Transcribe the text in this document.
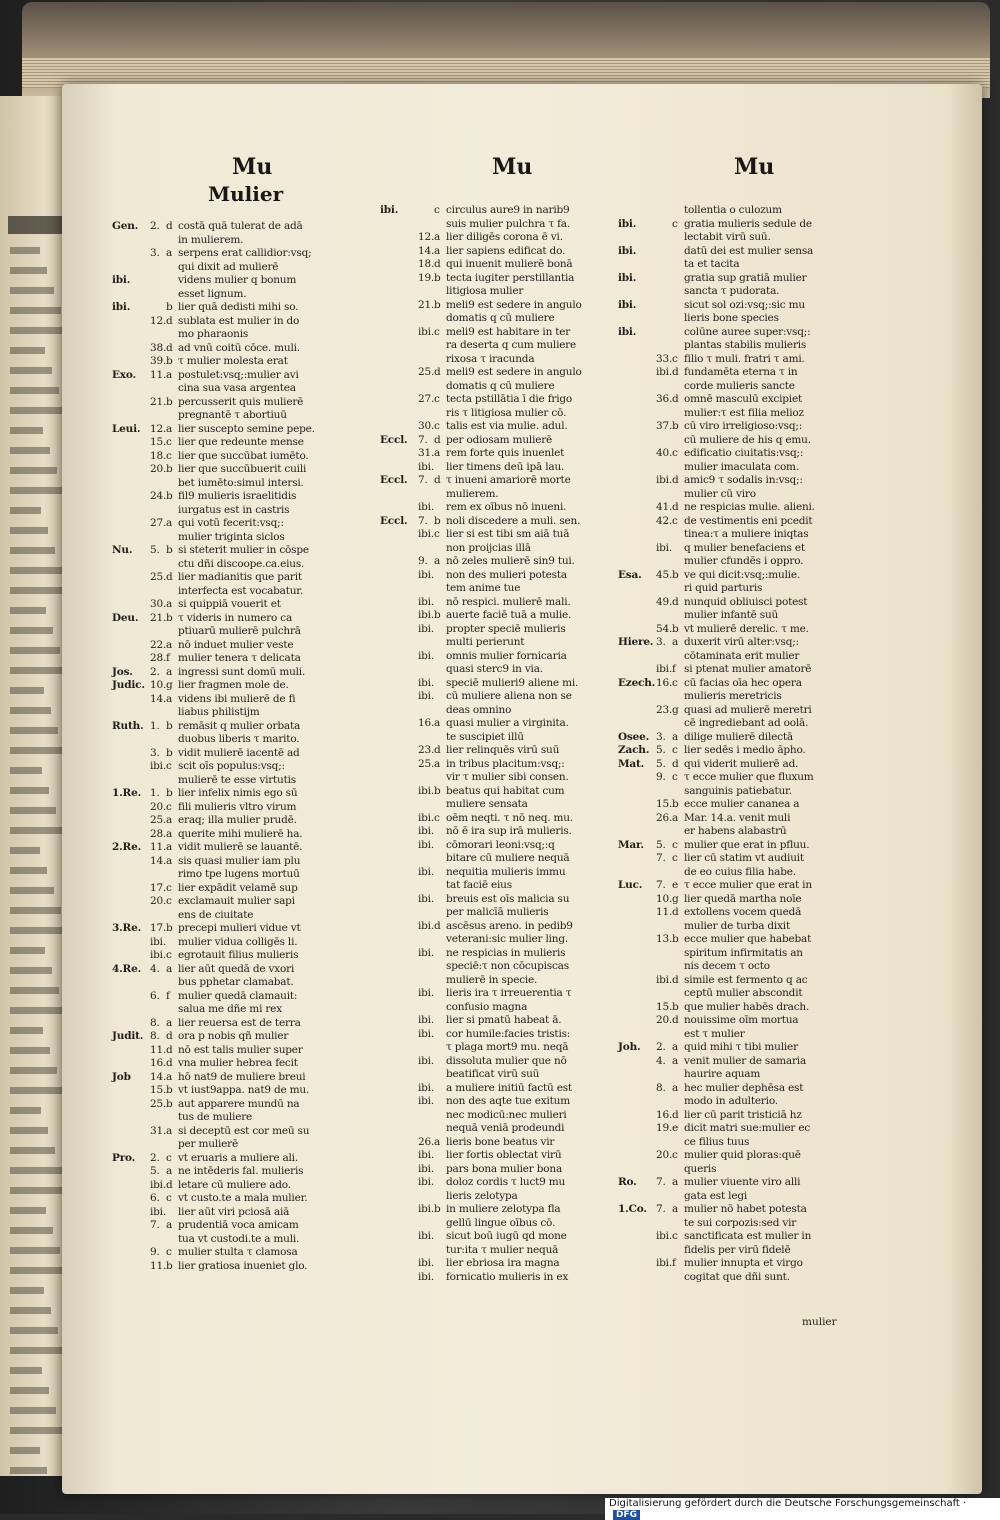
Mu	Mu	Mu
Mulier
Gen. 2. d costā quā tulerat de adā
in mulierem.
3. a serpens erat callidior:vsq;
qui dixit ad mulierē
ibi.	videns mulier q bonum
esset lignum.
ibi.	b lier quā dedisti mihi so.
12.d sublata est mulier in do
mo pharaonis
38.d ad vnū coitū cōce. muli.
39.b τ mulier molesta erat
Exo. 11.a postulet:vsq;:mulier avi
cina sua vasa argentea
21.b percusserit quis mulierē
pregnantē τ abortiuū
Leui. 12.a lier suscepto semine pepe.
15.c lier que redeunte mense
18.c lier que succūbat iumēto.
20.b lier que succūbuerit cuili
bet iumēto:simul intersi.
24.b fil9 mulieris israelitidis
iurgatus est in castris
27.a qui votū fecerit:vsq;:
mulier triginta siclos
Nu. 5. b si steterit mulier in cōspe
ctu dñi discoope.ca.eius.
25.d lier madianitis que parit
interfecta est vocabatur.
30.a si quippiā vouerit et
Deu. 21.b τ videris in numero ca
ptiuarū mulierē pulchrā
22.a nō induet mulier veste
28.f mulier tenera τ delicata
Jos. 2. a ingressi sunt domū muli.
Judic. 10.g lier fragmen mole de.
14.a videns ibi mulierē de fi
liabus philistijm
Ruth. 1. b remāsit q mulier orbata
duobus liberis τ marito.
3. b vidit mulierē iacentē ad
ibi.c scit oīs populus:vsq;:
mulierē te esse virtutis
1.Re. 1. b lier infelix nimis ego sū
20.c fili mulieris vltro virum
25.a eraq; illa mulier prudē.
28.a querite mihi mulierē ha.
2.Re. 11.a vidit mulierē se lauantē.
14.a sis quasi mulier iam plu
rimo tpe lugens mortuū
17.c lier expādit velamē sup
20.c exclamauit mulier sapi
ens de ciuitate
3.Re. 17.b precepi mulieri vidue vt
ibi. mulier vidua colligēs li.
ibi.c egrotauit filius mulieris
4.Re. 4. a lier aūt quedā de vxori
bus pphetar clamabat.
6. f mulier quedā clamauit:
salua me dñe mi rex
8. a lier reuersa est de terra
Judit. 8. d ora p nobis qñ mulier
11.d nō est talis mulier super
16.d vna mulier hebrea fecit
Job 14.a hō nat9 de muliere breui
15.b vt iust9appa. nat9 de mu.
25.b aut apparere mundū na
tus de muliere
31.a si deceptū est cor meū su
per mulierē
Pro. 2. c vt eruaris a muliere ali.
5. a ne intēderis fal. mulieris
ibi.d letare cū muliere ado.
6. c vt custo.te a mala mulier.
ibi. lier aūt viri pciosā aiā
7. a prudentiā voca amicam
tua vt custodi.te a muli.
9. c mulier stulta τ clamosa
11.b lier gratiosa inueniet glo.
ibi.	c circulus aure9 in narib9
suis mulier pulchra τ fa.
12.a lier diligēs corona ē vi.
14.a lier sapiens edificat do.
18.d qui inuenit mulierē bonā
19.b tecta iugiter perstillantia
litigiosa mulier
21.b meli9 est sedere in angulo
domatis q cū muliere
ibi.c meli9 est habitare in ter
ra deserta q cum muliere
rixosa τ iracunda
25.d meli9 est sedere in angulo
domatis q cū muliere
27.c tecta pstillātia ī die frigo
ris τ litigiosa mulier cō.
30.c talis est via mulie. adul.
Eccl. 7. d per odiosam mulierē
31.a rem forte quis inuenlet
ibi. lier timens deū ipā lau.
Eccl. 7. d τ inueni amariorē morte
mulierem.
ibi. rem ex oībus nō inueni.
Eccl. 7. b noli discedere a muli. sen.
ibi.c lier si est tibi sm aiā tuā
non proijcias illā
9. a nō zeles mulierē sin9 tui.
ibi. non des mulieri potesta
tem anime tue
ibi. nō respici. mulierē mali.
ibi.b auerte faciē tuā a mulie.
ibi. propter speciē mulieris
multi perierunt
ibi. omnis mulier fornicaria
quasi sterc9 in via.
ibi. speciē mulieri9 aliene mi.
ibi. cū muliere aliena non se
deas omnino
16.a quasi mulier a virginita.
te suscipiet illū
23.d lier relinquēs virū suū
25.a in tribus placitum:vsq;:
vir τ mulier sibi consen.
ibi.b beatus qui habitat cum
muliere sensata
ibi.c oēm neqti. τ nō neq. mu.
ibi. nō ē ira sup irā mulieris.
ibi. cōmorari leoni:vsq;:q
bitare cū muliere nequā
ibi. nequitia mulieris immu
tat faciē eius
ibi. breuis est oīs malicia su
per malicīā mulieris
ibi.d ascēsus areno. in pedib9
veterani:sic mulier ling.
ibi. ne respicias in mulieris
speciē:τ non cōcupiscas
mulierē in specie.
ibi. lieris ira τ irreuerentia τ
confusio magna
ibi. lier si pmatū habeat ā.
ibi. cor humile:facies tristis:
τ plaga mort9 mu. neqā
ibi. dissoluta mulier que nō
beatificat virū suū
ibi. a muliere initiū factū est
ibi. non des aqte tue exitum
nec modicū:nec mulieri
nequā veniā prodeundi
26.a lieris bone beatus vir
ibi. lier fortis oblectat virū
ibi. pars bona mulier bona
ibi. doloz cordis τ luct9 mu
lieris zelotypa
ibi.b in muliere zelotypa fla
gellū lingue oībus cō.
ibi. sicut boū iugū qd mone
tur:ita τ mulier nequā
ibi. lier ebriosa ira magna
ibi. fornicatio mulieris in ex
tollentia o culozum
ibi.	c gratia mulieris sedule de
lectabit virū suū.
ibi.	datū dei est mulier sensa
ta et tacita
ibi.	gratia sup gratiā mulier
sancta τ pudorata.
ibi.	sicut sol ozi:vsq;:sic mu
lieris bone species
ibi.	colūne auree super:vsq;:
plantas stabilis mulieris
33.c filio τ muli. fratri τ ami.
ibi.d fundamēta eterna τ in
corde mulieris sancte
36.d omnē masculū excipiet
mulier:τ est filia melioz
37.b cū viro irreligioso:vsq;:
cū muliere de his q emu.
40.c edificatio ciuitatis:vsq;:
mulier imaculata com.
ibi.d amic9 τ sodalis in:vsq;:
mulier cū viro
41.d ne respicias mulie. alieni.
42.c de vestimentis eni pcedit
tinea:τ a muliere iniqtas
ibi. q mulier benefaciens et
mulier cfundēs i oppro.
Esa. 45.b ve qui dicit:vsq;:mulie.
ri quid parturis
49.d nunquid obliuisci potest
mulier infantē suū
54.b vt mulierē derelic. τ me.
Hiere. 3. a duxerit virū alter:vsq;:
cōtaminata erit mulier
ibi.f si ptenat mulier amatorē
Ezech.16.c cū facias oīa hec opera
mulieris meretricis
23.g quasi ad mulierē meretri
cē ingrediebant ad oolā.
Osee. 3. a dilige mulierē dilectā
Zach. 5. c lier sedēs i medio āpho.
Mat. 5. d qui viderit mulierē ad.
9. c τ ecce mulier que fluxum
sanguinis patiebatur.
15.b ecce mulier cananea a
26.a Mar. 14.a. venit muli
er habens alabastrū
Mar. 5. c mulier que erat in pfluu.
7. c lier cū statim vt audiuit
de eo cuius filia habe.
Luc. 7. e τ ecce mulier que erat in
10.g lier quedā martha noīe
11.d extollens vocem quedā
mulier de turba dixit
13.b ecce mulier que habebat
spiritum infirmitatis an
nis decem τ octo
ibi.d simile est fermento q ac
ceptū mulier abscondit
15.b que mulier habēs drach.
20.d nouissime oīm mortua
est τ mulier
Joh. 2. a quid mihi τ tibi mulier
4. a venit mulier de samaria
haurire aquam
8. a hec mulier dephēsa est
modo in adulterio.
16.d lier cū parit tristiciā hz
19.e dicit matri sue:mulier ec
ce filius tuus
20.c mulier quid ploras:quē
queris
Ro. 7. a mulier viuente viro alli
gata est legi
1.Co. 7. a mulier nō habet potesta
te sui corpozis:sed vir
ibi.c sanctificata est mulier in
fidelis per virū fidelē
ibi.f mulier innupta et virgo
cogitat que dñi sunt.
mulier
Digitalisierung gefördert durch die Deutsche Forschungsgemeinschaft ·DFG
